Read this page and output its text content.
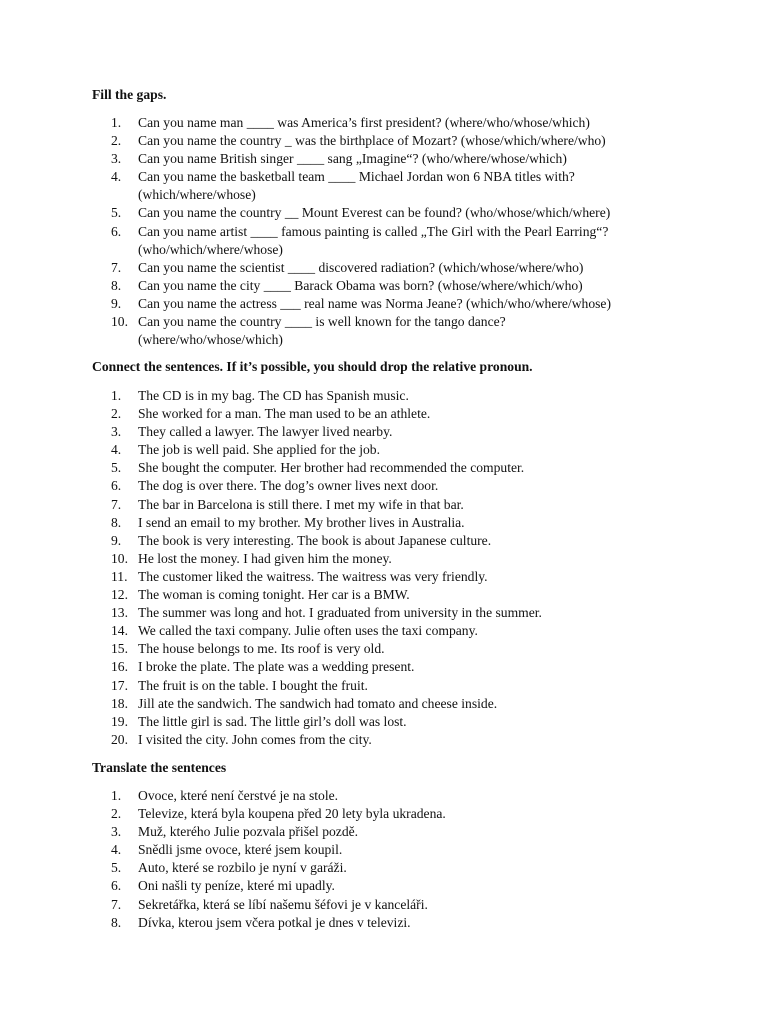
Fill the gaps.
1.	Can you name man ____ was America’s first president? (where/who/whose/which)
2.	Can you name the country _ was the birthplace of Mozart? (whose/which/where/who)
3.	Can you name British singer ____ sang „Imagine“? (who/where/whose/which)
4.	Can you name the basketball team ____ Michael Jordan won 6 NBA titles with? (which/where/whose)
5.	Can you name the country __ Mount Everest can be found? (who/whose/which/where)
6.	Can you name artist ____ famous painting is called „The Girl with the Pearl Earring“? (who/which/where/whose)
7.	Can you name the scientist ____ discovered radiation? (which/whose/where/who)
8.	Can you name the city ____ Barack Obama was born? (whose/where/which/who)
9.	Can you name the actress ___ real name was Norma Jeane? (which/who/where/whose)
10. Can you name the country ____ is well known for the tango dance? (where/who/whose/which)
Connect the sentences. If it’s possible, you should drop the relative pronoun.
1.	The CD is in my bag. The CD has Spanish music.
2.	She worked for a man. The man used to be an athlete.
3.	They called a lawyer. The lawyer lived nearby.
4.	The job is well paid. She applied for the job.
5.	She bought the computer. Her brother had recommended the computer.
6.	The dog is over there. The dog’s owner lives next door.
7.	The bar in Barcelona is still there. I met my wife in that bar.
8.	I send an email to my brother. My brother lives in Australia.
9.	The book is very interesting. The book is about Japanese culture.
10. He lost the money. I had given him the money.
11. The customer liked the waitress. The waitress was very friendly.
12. The woman is coming tonight. Her car is a BMW.
13. The summer was long and hot. I graduated from university in the summer.
14. We called the taxi company. Julie often uses the taxi company.
15. The house belongs to me. Its roof is very old.
16. I broke the plate. The plate was a wedding present.
17. The fruit is on the table. I bought the fruit.
18. Jill ate the sandwich. The sandwich had tomato and cheese inside.
19. The little girl is sad. The little girl’s doll was lost.
20. I visited the city. John comes from the city.
Translate the sentences
1.	Ovoce, které není čerstvé je na stole.
2.	Televize, která byla koupena před 20 lety byla ukradena.
3.	Muž, kterého Julie pozvala přišel pozdě.
4.	Snědli jsme ovoce, které jsem koupil.
5.	Auto, které se rozbilo je nyní v garáži.
6.	Oni našli ty peníze, které mi upadly.
7.	Sekretářka, která se líbí našemu šéfovi je v kanceláři.
8.	Dívka, kterou jsem včera potkal je dnes v televizi.
